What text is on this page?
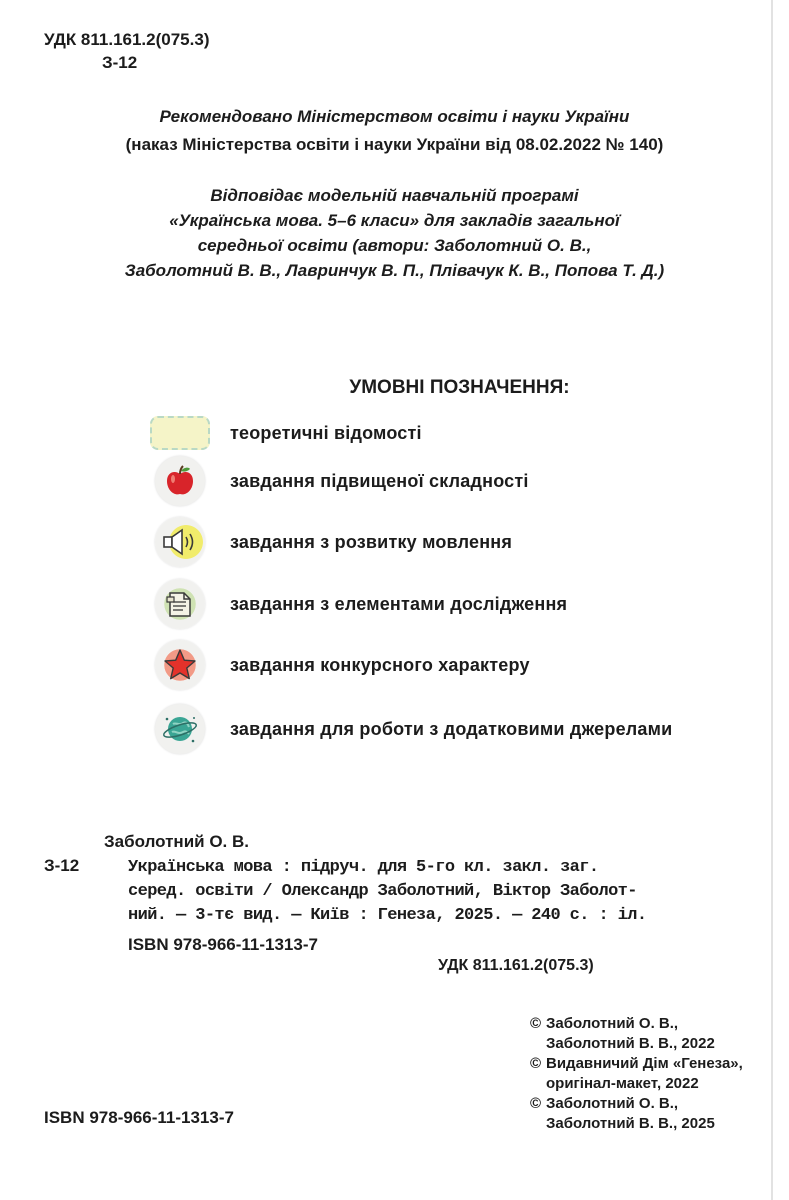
УДК 811.161.2(075.3)
З-12
Рекомендовано Міністерством освіти і науки України
(наказ Міністерства освіти і науки України від 08.02.2022 № 140)
Відповідає модельній навчальній програмі
«Українська мова. 5–6 класи» для закладів загальної
середньої освіти (автори: Заболотний О. В.,
Заболотний В. В., Лавринчук В. П., Плівачук К. В., Попова Т. Д.)
УМОВНІ ПОЗНАЧЕННЯ:
теоретичні відомості
завдання підвищеної складності
завдання з розвитку мовлення
завдання з елементами дослідження
завдання конкурсного характеру
завдання для роботи з додатковими джерелами
Заболотний О. В.
З-12	Українська мова : підруч. для 5-го кл. закл. заг.
серед. освіти / Олександр Заболотний, Віктор Заболот-
ний. — 3-тє вид. — Київ : Генеза, 2025. — 240 с. : іл.
ISBN 978-966-11-1313-7
УДК 811.161.2(075.3)
© Заболотний О. В.,
Заболотний В. В., 2022
© Видавничий Дім «Генеза»,
оригінал-макет, 2022
© Заболотний О. В.,
Заболотний В. В., 2025
ISBN 978-966-11-1313-7
